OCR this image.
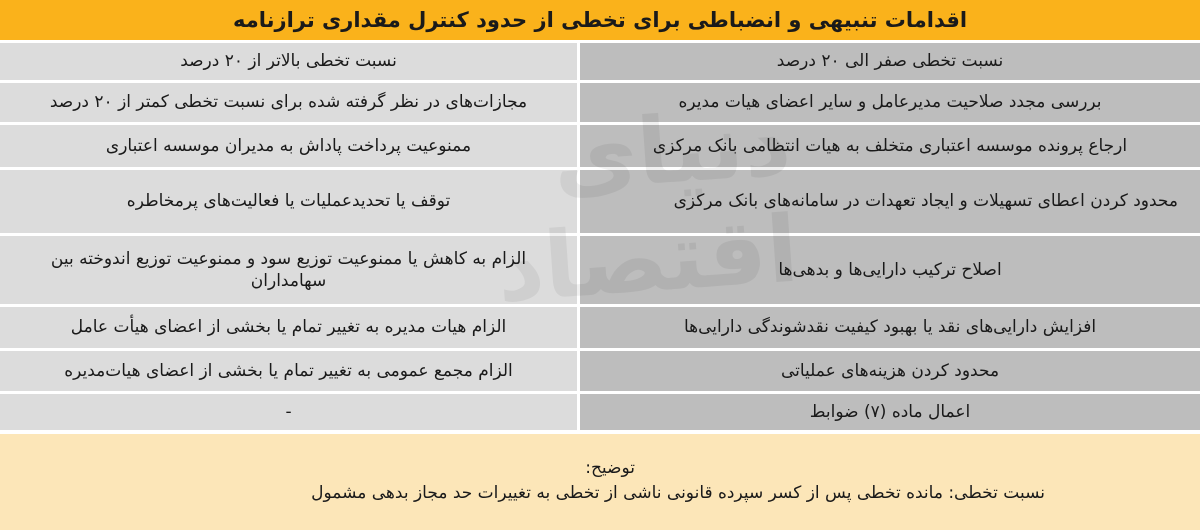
اقدامات تنبیهی و انضباطی برای تخطی از حدود کنترل مقداری ترازنامه
نسبت تخطی صفر الی ۲۰ درصد
نسبت تخطی بالاتر از ۲۰ درصد
بررسی مجدد صلاحیت مدیرعامل و سایر اعضای هیات مدیره
مجازات‌های در نظر گرفته شده برای نسبت تخطی کمتر از ۲۰ درصد
ارجاع پرونده موسسه اعتباری متخلف به هیات انتظامی بانک مرکزی
ممنوعیت پرداخت پاداش به مدیران موسسه اعتباری
محدود کردن اعطای تسهیلات و ایجاد تعهدات در سامانه‌های بانک مرکزی
توقف یا تحدیدعملیات یا فعالیت‌های پرمخاطره
اصلاح ترکیب دارایی‌ها و بدهی‌ها
الزام به کاهش یا ممنوعیت توزیع سود و ممنوعیت توزیع اندوخته بین سهامداران
افزایش دارایی‌های نقد یا بهبود کیفیت نقدشوندگی دارایی‌ها
الزام هیات مدیره به تغییر تمام یا بخشی از اعضای هیأت عامل
محدود کردن هزینه‌های عملیاتی
الزام مجمع عمومی به تغییر تمام یا بخشی از اعضای هیات‌مدیره
اعمال ماده (۷) ضوابط
-
توضیح:
نسبت تخطی: مانده تخطی پس از کسر سپرده قانونی ناشی از تخطی به تغییرات حد مجاز بدهی مشمول
